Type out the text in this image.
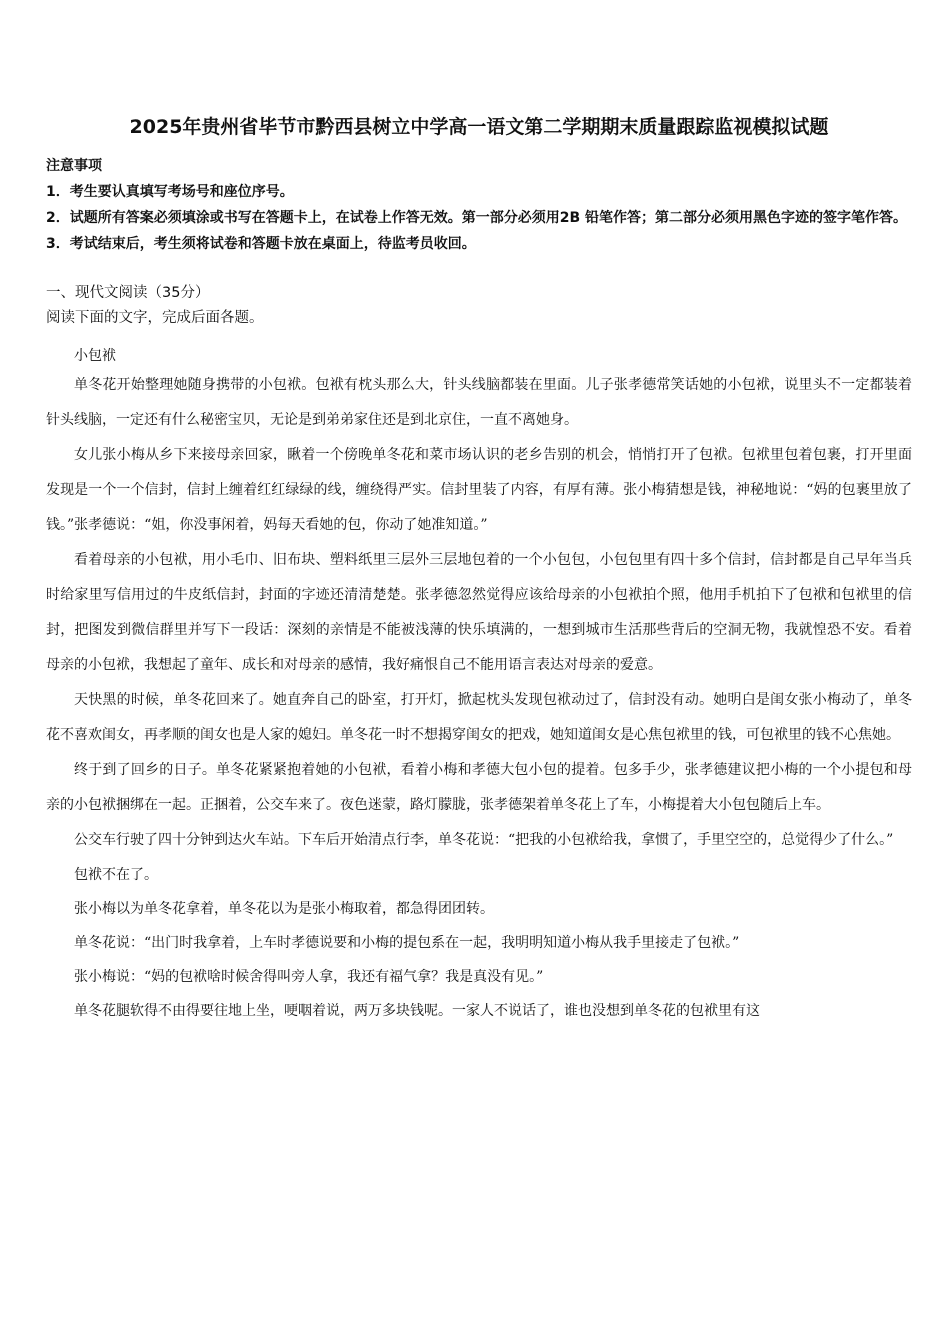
2025年贵州省毕节市黔西县树立中学高一语文第二学期期末质量跟踪监视模拟试题

注意事项

1．考生要认真填写考场号和座位序号。

2．试题所有答案必须填涂或书写在答题卡上，在试卷上作答无效。第一部分必须用2B 铅笔作答；第二部分必须用黑色字迹的签字笔作答。

3．考试结束后，考生须将试卷和答题卡放在桌面上，待监考员收回。

一、现代文阅读（35分）

阅读下面的文字，完成后面各题。

小包袱

单冬花开始整理她随身携带的小包袱。包袱有枕头那么大，针头线脑都装在里面。儿子张孝德常笑话她的小包袱，说里头不一定都装着针头线脑，一定还有什么秘密宝贝，无论是到弟弟家住还是到北京住，一直不离她身。

女儿张小梅从乡下来接母亲回家，瞅着一个傍晚单冬花和菜市场认识的老乡告别的机会，悄悄打开了包袱。包袱里包着包裹，打开里面发现是一个一个信封，信封上缠着红红绿绿的线，缠绕得严实。信封里装了内容，有厚有薄。张小梅猜想是钱，神秘地说：“妈的包裹里放了钱。”张孝德说：“姐，你没事闲着，妈每天看她的包，你动了她准知道。”

看着母亲的小包袱，用小毛巾、旧布块、塑料纸里三层外三层地包着的一个小包包，小包包里有四十多个信封，信封都是自己早年当兵时给家里写信用过的牛皮纸信封，封面的字迹还清清楚楚。张孝德忽然觉得应该给母亲的小包袱拍个照，他用手机拍下了包袱和包袱里的信封，把图发到微信群里并写下一段话：深刻的亲情是不能被浅薄的快乐填满的，一想到城市生活那些背后的空洞无物，我就惶恐不安。看着母亲的小包袱，我想起了童年、成长和对母亲的感情，我好痛恨自己不能用语言表达对母亲的爱意。

天快黑的时候，单冬花回来了。她直奔自己的卧室，打开灯，掀起枕头发现包袱动过了，信封没有动。她明白是闺女张小梅动了，单冬花不喜欢闺女，再孝顺的闺女也是人家的媳妇。单冬花一时不想揭穿闺女的把戏，她知道闺女是心焦包袱里的钱，可包袱里的钱不心焦她。

终于到了回乡的日子。单冬花紧紧抱着她的小包袱，看着小梅和孝德大包小包的提着。包多手少，张孝德建议把小梅的一个小提包和母亲的小包袱捆绑在一起。正捆着，公交车来了。夜色迷蒙，路灯朦胧，张孝德架着单冬花上了车，小梅提着大小包包随后上车。

公交车行驶了四十分钟到达火车站。下车后开始清点行李，单冬花说：“把我的小包袱给我，拿惯了，手里空空的，总觉得少了什么。”

包袱不在了。

张小梅以为单冬花拿着，单冬花以为是张小梅取着，都急得团团转。

单冬花说：“出门时我拿着，上车时孝德说要和小梅的提包系在一起，我明明知道小梅从我手里接走了包袱。”

张小梅说：“妈的包袱啥时候舍得叫旁人拿，我还有福气拿？我是真没有见。”

单冬花腿软得不由得要往地上坐，哽咽着说，两万多块钱呢。一家人不说话了，谁也没想到单冬花的包袱里有这
